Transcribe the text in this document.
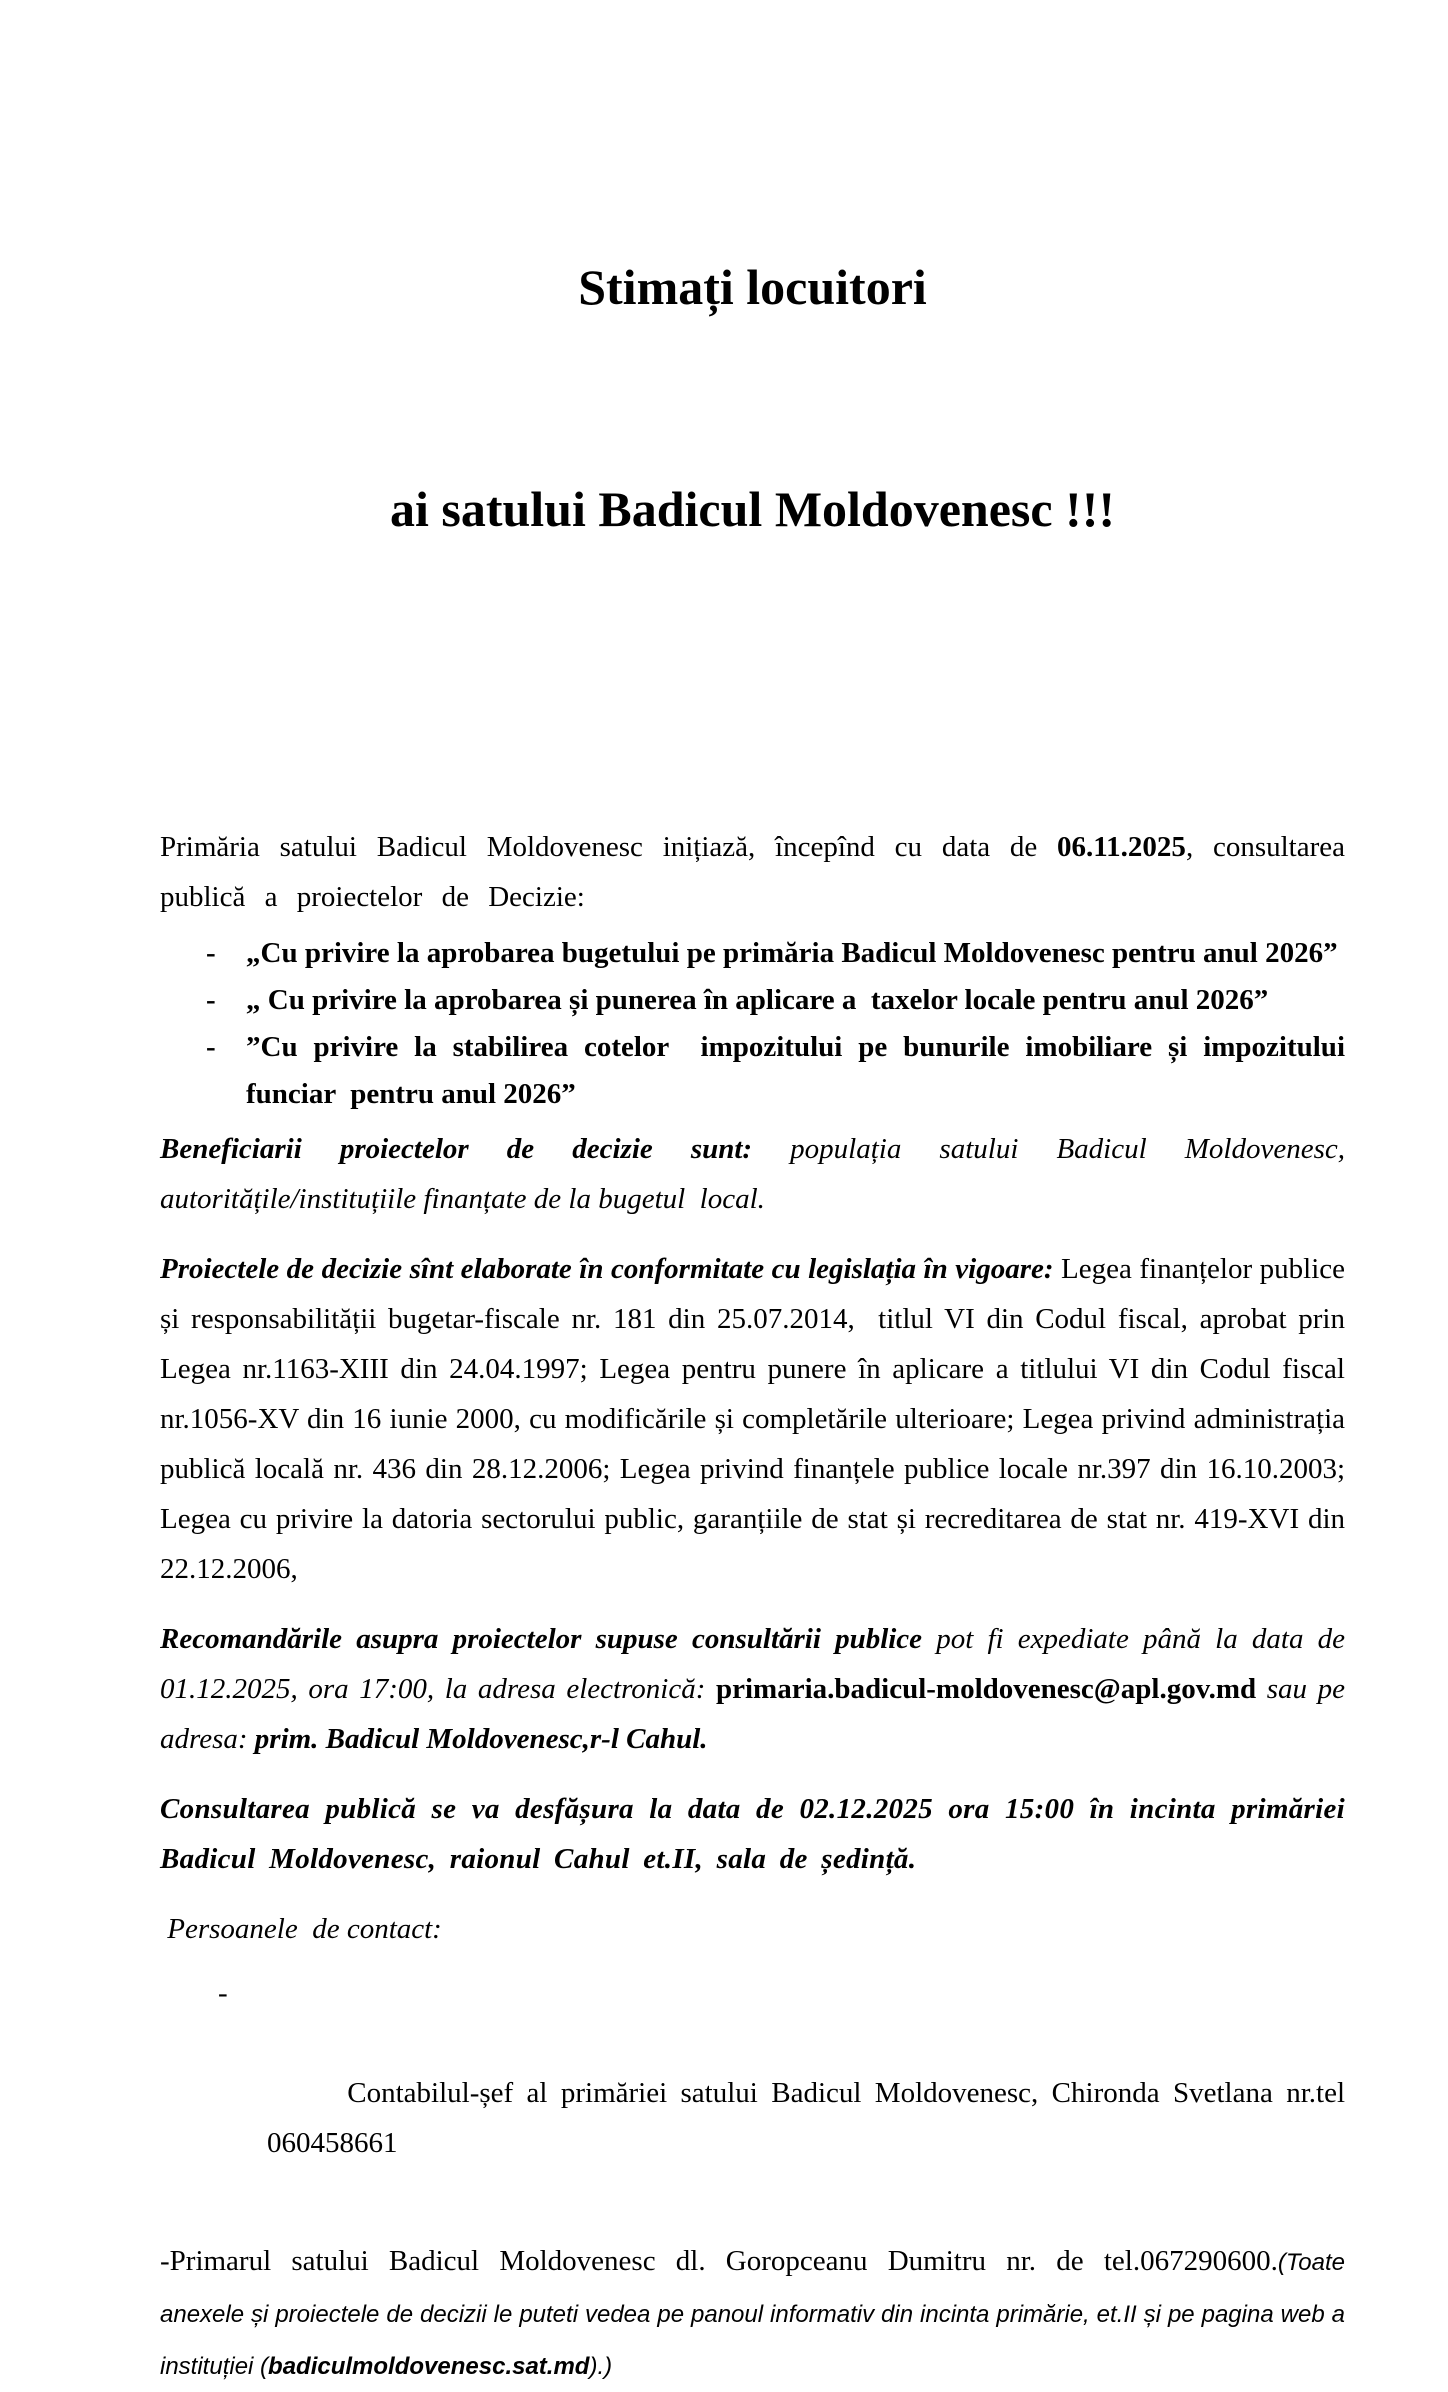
Stimați locuitori

ai satului Badicul Moldovenesc !!!

Primăria satului Badicul Moldovenesc inițiază, începînd cu data de 06.11.2025, consultarea publică a proiectelor de Decizie:

- „Cu privire la aprobarea bugetului pe primăria Badicul Moldovenesc pentru anul 2026”
- „ Cu privire la aprobarea și punerea în aplicare a  taxelor locale pentru anul 2026”
- ”Cu privire la stabilirea cotelor  impozitului pe bunurile imobiliare și impozitului funciar  pentru anul 2026”

Beneficiarii proiectelor de decizie sunt: populația satului Badicul Moldovenesc, autoritățile/instituțiile finanțate de la bugetul  local.

Proiectele de decizie sînt elaborate în conformitate cu legislația în vigoare: Legea finanțelor publice și responsabilității bugetar-fiscale nr. 181 din 25.07.2014,  titlul VI din Codul fiscal, aprobat prin Legea nr.1163-XIII din 24.04.1997; Legea pentru punere în aplicare a titlului VI din Codul fiscal nr.1056-XV din 16 iunie 2000, cu modificările și completările ulterioare; Legea privind administrația publică locală nr. 436 din 28.12.2006; Legea privind finanțele publice locale nr.397 din 16.10.2003; Legea cu privire la datoria sectorului public, garanțiile de stat și recreditarea de stat nr. 419-XVI din 22.12.2006,

Recomandările asupra proiectelor supuse consultării publice pot fi expediate până la data de 01.12.2025, ora 17:00, la adresa electronică: primaria.badicul-moldovenesc@apl.gov.md sau pe adresa: prim. Badicul Moldovenesc,r-l Cahul.

Consultarea publică se va desfășura la data de 02.12.2025 ora 15:00 în incinta primăriei Badicul Moldovenesc, raionul Cahul et.II, sala de ședință.

Persoanele  de contact:

-

Contabilul-șef al primăriei satului Badicul Moldovenesc, Chironda Svetlana nr.tel 060458661

-Primarul satului Badicul Moldovenesc dl. Goropceanu Dumitru nr. de tel.067290600.(Toate anexele și proiectele de decizii le puteti vedea pe panoul informativ din incinta primărie, et.II și pe pagina web a instituției (badiculmoldovenesc.sat.md).)
